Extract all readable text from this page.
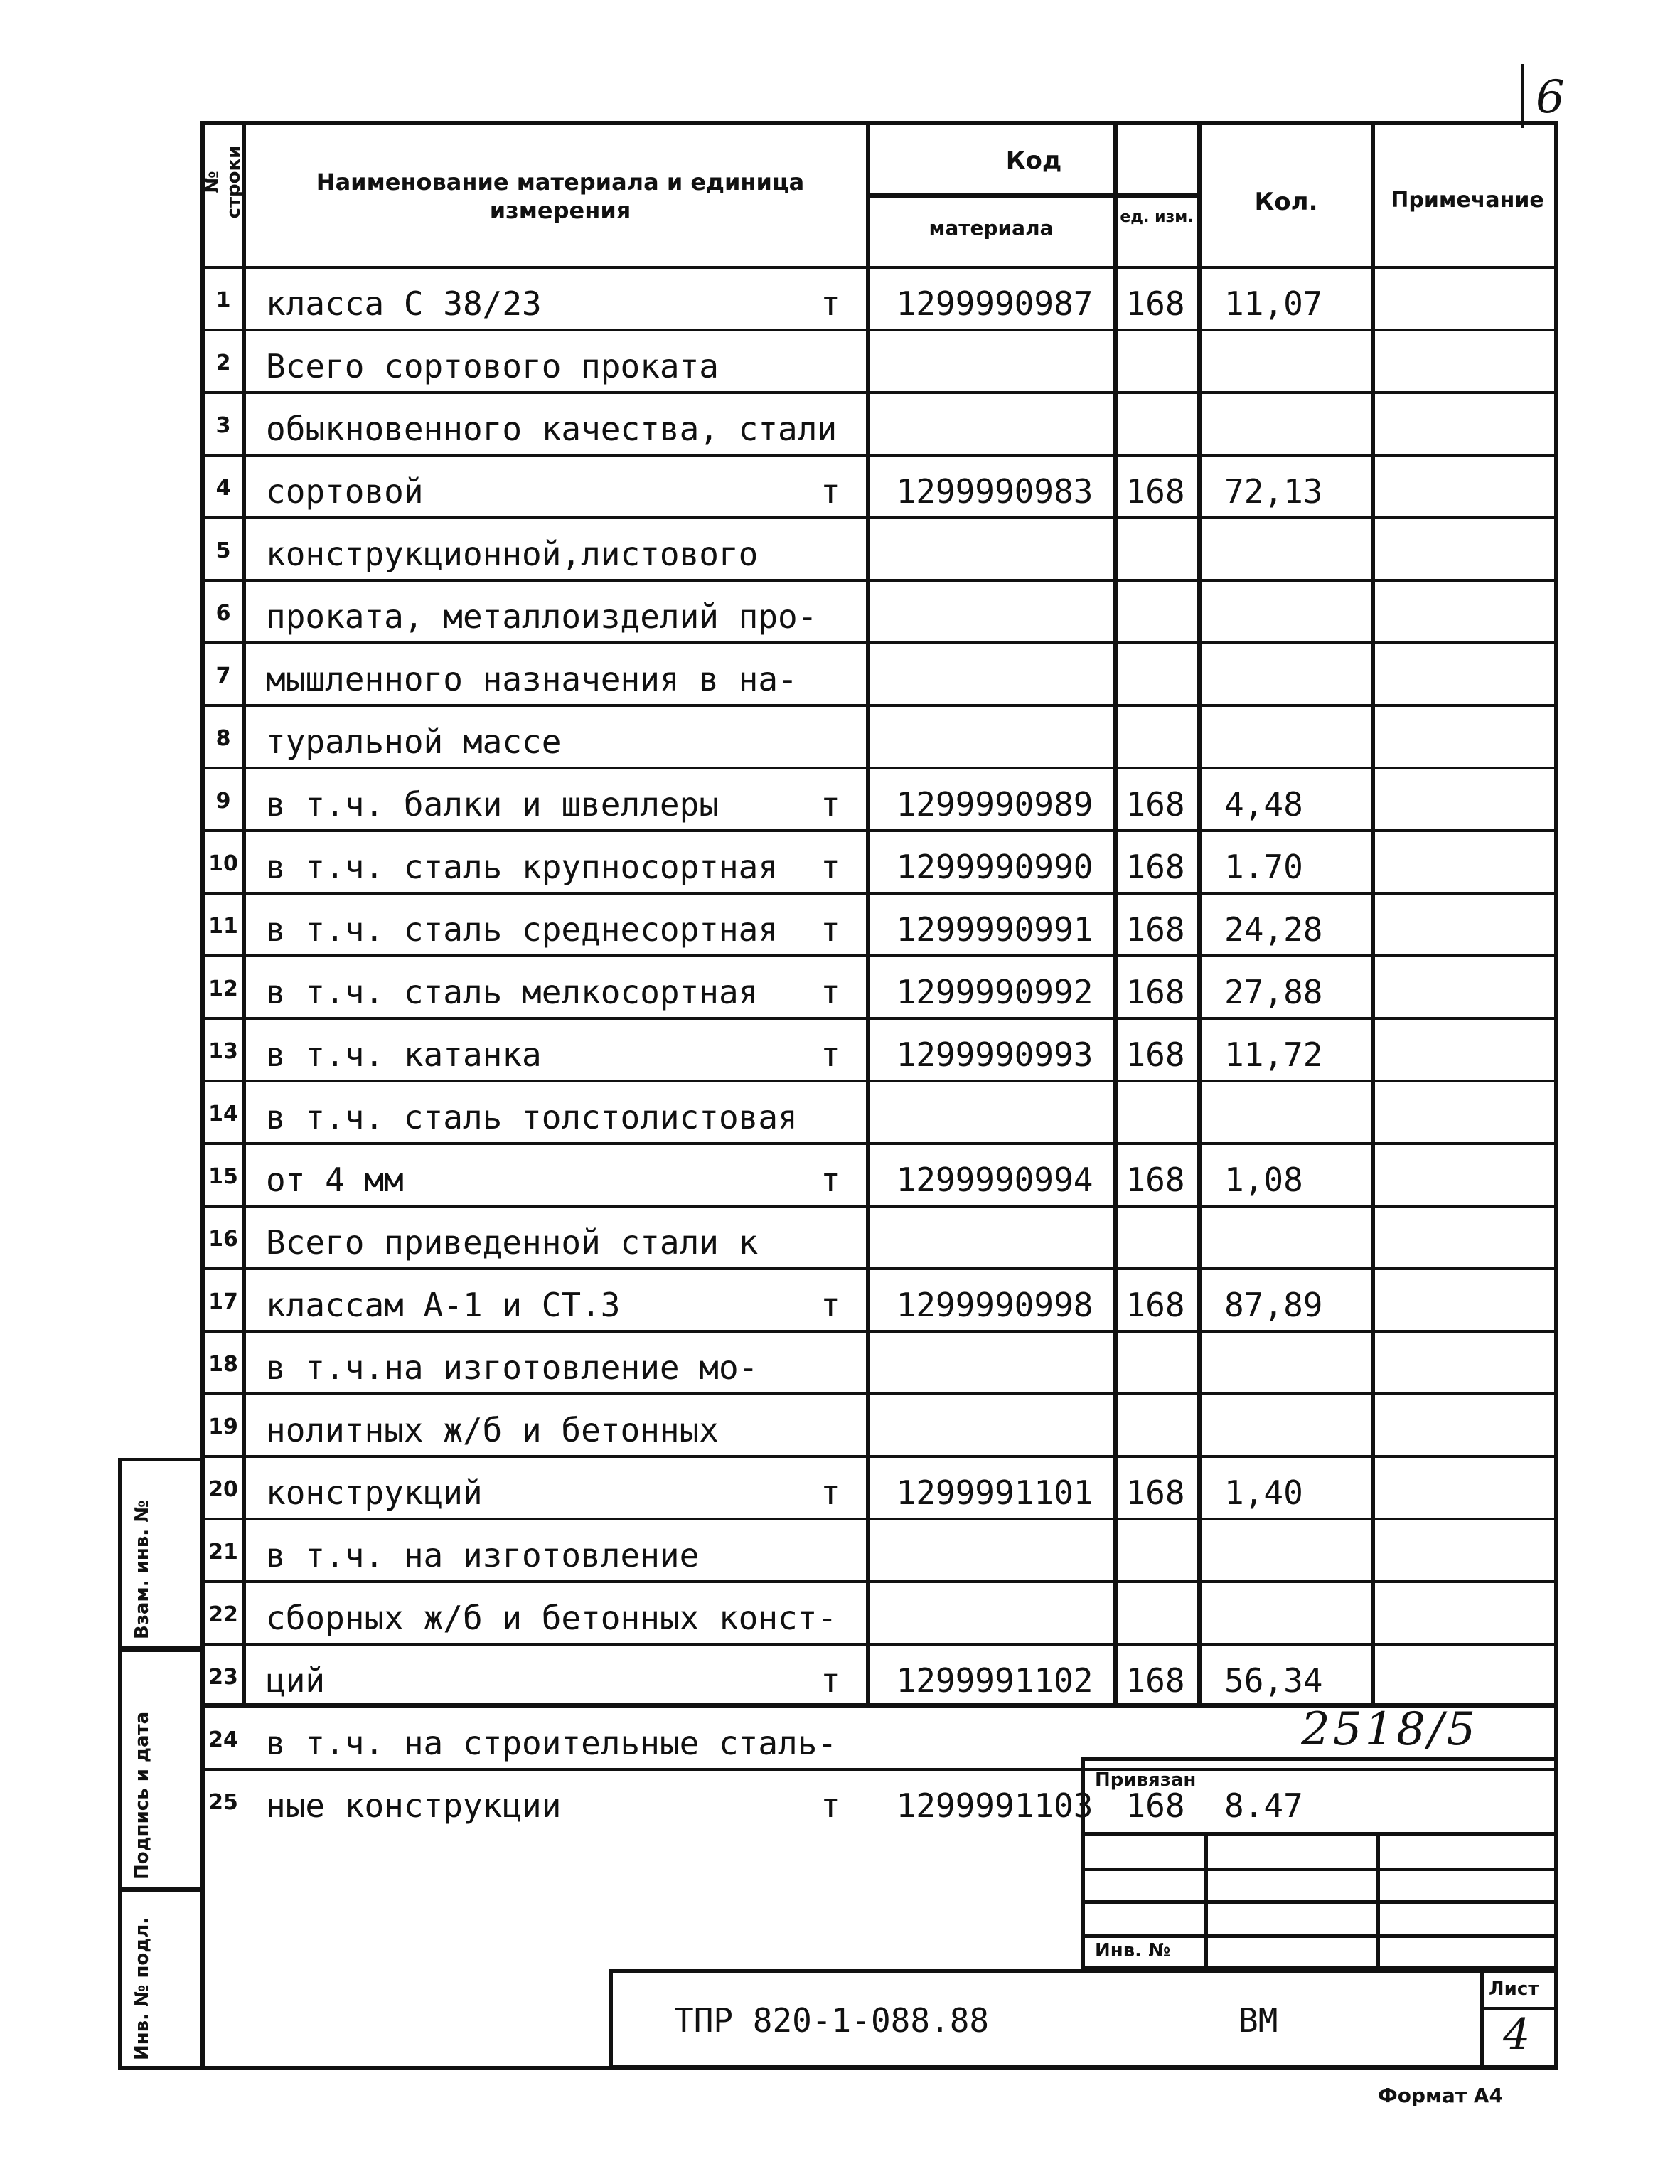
6
№ строки	Наименование материала и единица измерения
Код
материала	ед. изм.
Кол.	Примечание
1	класса С 38/23	т	1299990987 168	11,07
2	Всего сортового проката
3	обыкновенного качества, стали
4	сортовой	т	1299990983 168	72,13
5	конструкционной,листового
6	проката, металлоизделий про-
7	мышленного назначения в на-
8	туральной массе
9	в т.ч. балки и швеллеры	т	1299990989 168	4,48
10 в т.ч. сталь крупносортная	т	1299990990 168	1.70
11 в т.ч. сталь среднесортная	т	1299990991 168	24,28
12 в т.ч. сталь мелкосортная	т	1299990992 168	27,88
13 в т.ч. катанка	т	1299990993 168	11,72
14 в т.ч. сталь толстолистовая
15 от 4 мм	т	1299990994 168	1,08
16 Всего приведенной стали к
17 классам А-1 и СТ.3	т	1299990998 168	87,89
18 в т.ч.на изготовление мо-
19 нолитных ж/б и бетонных
20 конструкций	т	1299991101 168	1,40
21 в т.ч. на изготовление
22 сборных ж/б и бетонных конст-
23 ций	т	1299991102 168	56,34
24 в т.ч. на строительные сталь-
25 ные конструкции	т	1299991103 168	8.47
Взам. инв. №
Подпись и дата
Инв. № подл.
2518/5
Привязан
Инв. №
ТПР 820-1-088.88	ВМ
Лист
4
Формат А4
